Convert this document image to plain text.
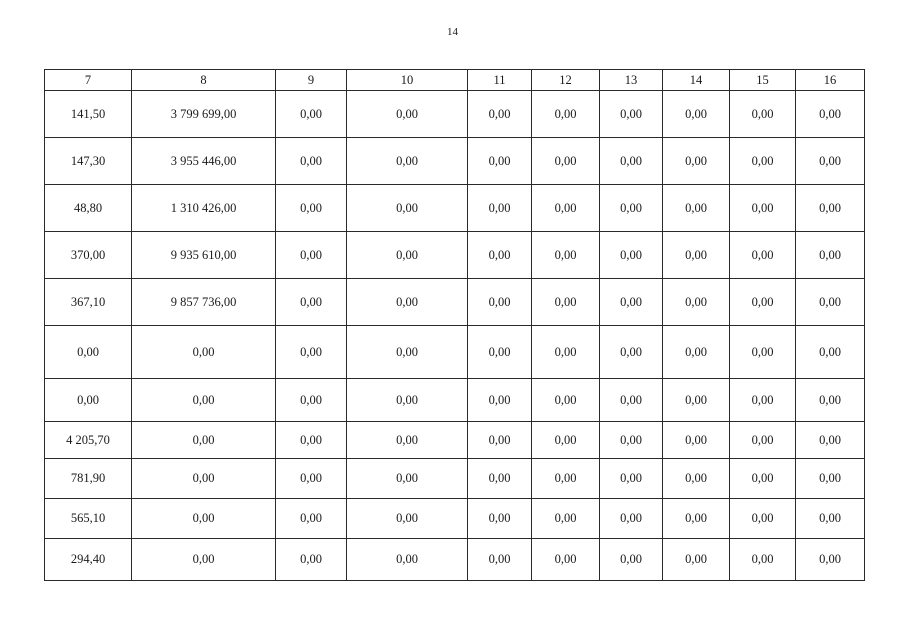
14
7	8	9	10	11	12	13	14	15	16
141,50	3 799 699,00	0,00	0,00	0,00	0,00	0,00	0,00	0,00	0,00
147,30	3 955 446,00	0,00	0,00	0,00	0,00	0,00	0,00	0,00	0,00
48,80	1 310 426,00	0,00	0,00	0,00	0,00	0,00	0,00	0,00	0,00
370,00	9 935 610,00	0,00	0,00	0,00	0,00	0,00	0,00	0,00	0,00
367,10	9 857 736,00	0,00	0,00	0,00	0,00	0,00	0,00	0,00	0,00
0,00	0,00	0,00	0,00	0,00	0,00	0,00	0,00	0,00	0,00
0,00	0,00	0,00	0,00	0,00	0,00	0,00	0,00	0,00	0,00
4 205,70	0,00	0,00	0,00	0,00	0,00	0,00	0,00	0,00	0,00
781,90	0,00	0,00	0,00	0,00	0,00	0,00	0,00	0,00	0,00
565,10	0,00	0,00	0,00	0,00	0,00	0,00	0,00	0,00	0,00
294,40	0,00	0,00	0,00	0,00	0,00	0,00	0,00	0,00	0,00
